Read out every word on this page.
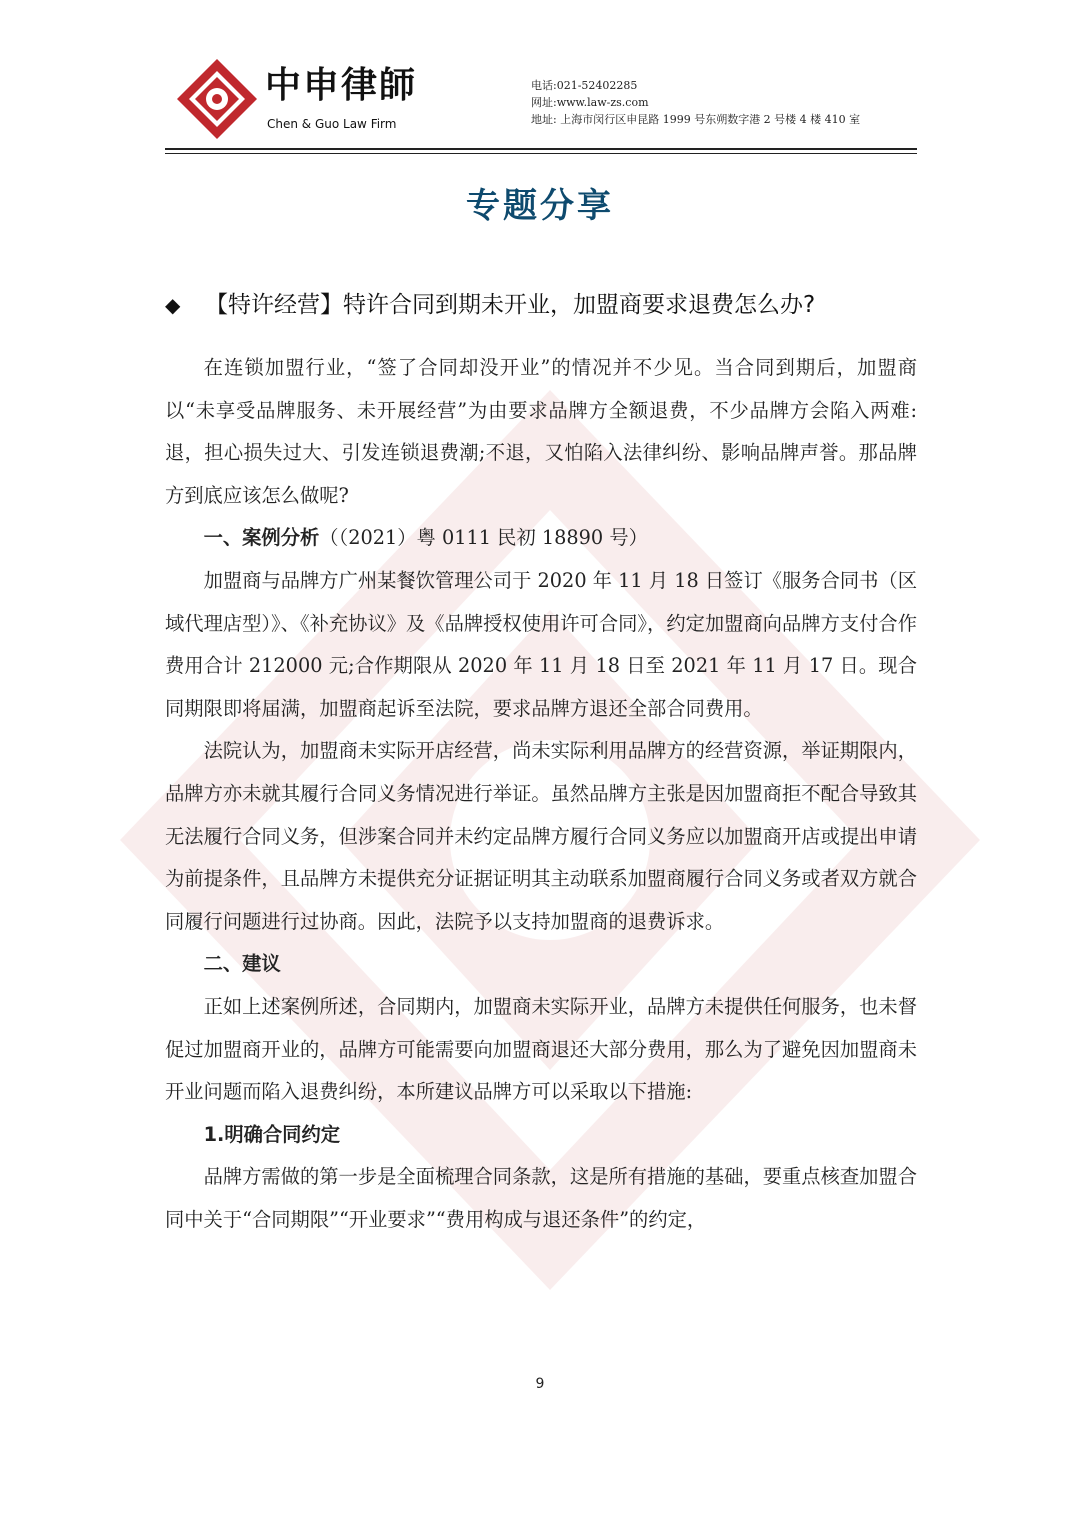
中申律師
Chen & Guo Law Firm
电话:021-52402285
网址:www.law-zs.com
地址: 上海市闵行区申昆路 1999 号东朔数字港 2 号楼 4 楼 410 室
专题分享
◆ 【特许经营】特许合同到期未开业，加盟商要求退费怎么办?

在连锁加盟行业，“签了合同却没开业”的情况并不少见。当合同到期后，加盟商以“未享受品牌服务、未开展经营”为由要求品牌方全额退费，不少品牌方会陷入两难:退，担心损失过大、引发连锁退费潮;不退，又怕陷入法律纠纷、影响品牌声誉。那品牌方到底应该怎么做呢?

一、案例分析（（2021）粤 0111 民初 18890 号）

加盟商与品牌方广州某餐饮管理公司于 2020 年 11 月 18 日签订《服务合同书（区域代理店型）》、《补充协议》及《品牌授权使用许可合同》，约定加盟商向品牌方支付合作费用合计 212000 元;合作期限从 2020 年 11 月 18 日至 2021 年 11 月 17 日。现合同期限即将届满，加盟商起诉至法院，要求品牌方退还全部合同费用。

法院认为，加盟商未实际开店经营，尚未实际利用品牌方的经营资源，举证期限内，品牌方亦未就其履行合同义务情况进行举证。虽然品牌方主张是因加盟商拒不配合导致其无法履行合同义务，但涉案合同并未约定品牌方履行合同义务应以加盟商开店或提出申请为前提条件，且品牌方未提供充分证据证明其主动联系加盟商履行合同义务或者双方就合同履行问题进行过协商。因此，法院予以支持加盟商的退费诉求。

二、建议

正如上述案例所述，合同期内，加盟商未实际开业，品牌方未提供任何服务，也未督促过加盟商开业的，品牌方可能需要向加盟商退还大部分费用，那么为了避免因加盟商未开业问题而陷入退费纠纷，本所建议品牌方可以采取以下措施:

1.明确合同约定

品牌方需做的第一步是全面梳理合同条款，这是所有措施的基础，要重点核查加盟合同中关于“合同期限”“开业要求”“费用构成与退还条件”的约定，

9
